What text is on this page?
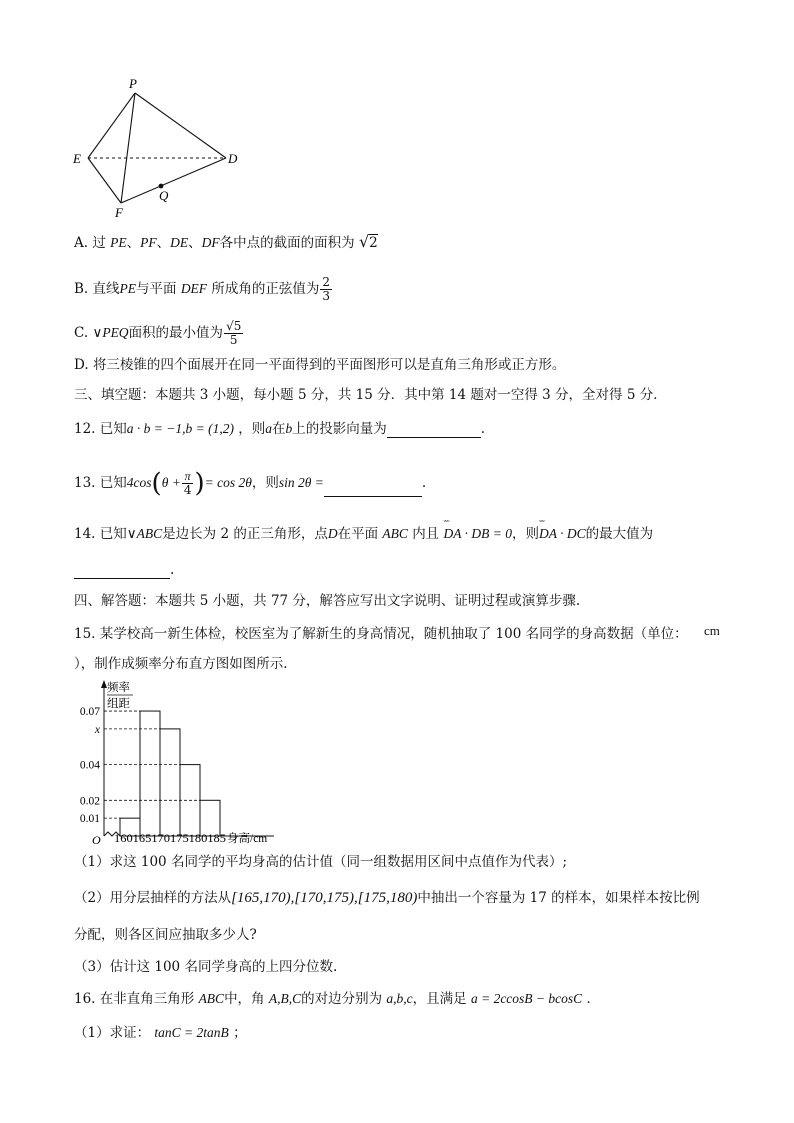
P
E	D
F
Q
A. 过 PE、PF、DE、DF各中点的截面的面积为 √2
B. 直线PE与平面 DEF 所成角的正弦值为 $\frac{2}{3}$
C. ∨PEQ面积的最小值为 $\frac{√5}{5}$
D. 将三棱锥的四个面展开在同一平面得到的平面图形可以是直角三角形或正方形。
三、填空题：本题共 3 小题，每小题 5 分，共 15 分．其中第 14 题对一空得 3 分，全对得 5 分．
12. 已知a · b = −1,b = (1,2) ，则a在b上的投影向量为	.
13. 已知$4\cos(\theta + \frac{\pi}{4}$ )= cos 2θ，则sin 2θ =	.
14. 已知∨ABC是边长为 2 的正三角形，点D在平面 ABC 内且 ˇˇˇ DA · DB = 0，则ˇˇˇ DA · DC的最大值为
.
四、解答题：本题共 5 小题，共 77 分，解答应写出文字说明、证明过程或演算步骤.
15. 某学校高一新生体检，校医室为了解新生的身高情况，随机抽取了 100 名同学的身高数据（单位： cm
），制作成频率分布直方图如图所示.
频率
组距
O 160165170175180185 身高/cm
0.07
x
0.04
0.02
0.01
（1）求这 100 名同学的平均身高的估计值（同一组数据用区间中点值作为代表）;
（2）用分层抽样的方法从[165,170),[170,175),[175,180)中抽出一个容量为 17 的样本，如果样本按比例
分配，则各区间应抽取多少人?
（3）估计这 100 名同学身高的上四分位数.
16. 在非直角三角形 ABC中，角 A,B,C的对边分别为 a,b,c，且满足 a = 2ccosB − bcosC ．
（1）求证： tanC = 2tanB ；
